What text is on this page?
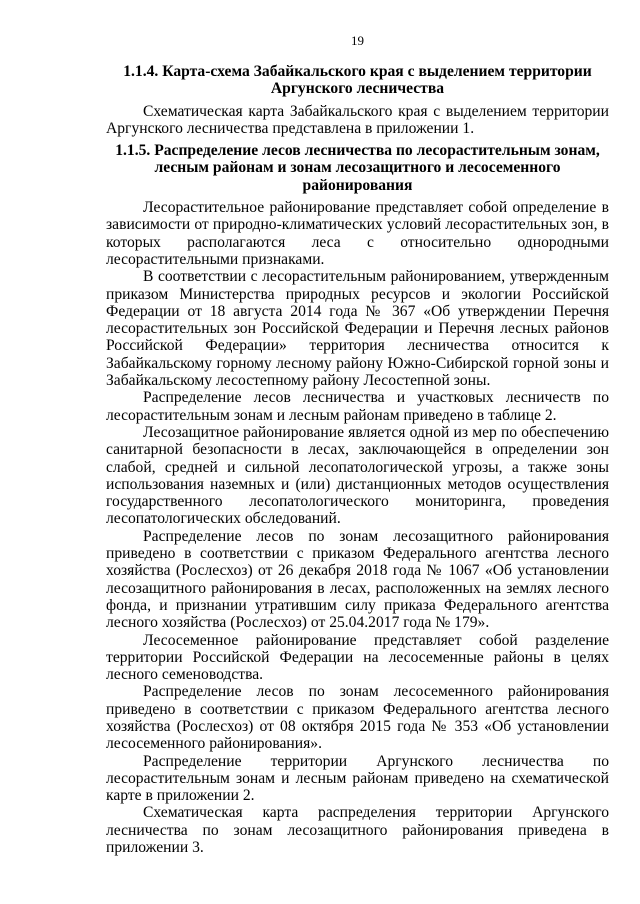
19

1.1.4. Карта-схема Забайкальского края с выделением территории Аргунского лесничества

Схематическая карта Забайкальского края с выделением территории Аргунского лесничества представлена в приложении 1.

1.1.5. Распределение лесов лесничества по лесорастительным зонам, лесным районам и зонам лесозащитного и лесосеменного районирования

Лесорастительное районирование представляет собой определение в зависимости от природно-климатических условий лесорастительных зон, в которых располагаются леса с относительно однородными лесорастительными признаками.

В соответствии с лесорастительным районированием, утвержденным приказом Министерства природных ресурсов и экологии Российской Федерации от 18 августа 2014 года № 367 «Об утверждении Перечня лесорастительных зон Российской Федерации и Перечня лесных районов Российской Федерации» территория лесничества относится к Забайкальскому горному лесному району Южно-Сибирской горной зоны и Забайкальскому лесостепному району Лесостепной зоны.

Распределение лесов лесничества и участковых лесничеств по лесорастительным зонам и лесным районам приведено в таблице 2.

Лесозащитное районирование является одной из мер по обеспечению санитарной безопасности в лесах, заключающейся в определении зон слабой, средней и сильной лесопатологической угрозы, а также зоны использования наземных и (или) дистанционных методов осуществления государственного лесопатологического мониторинга, проведения лесопатологических обследований.

Распределение лесов по зонам лесозащитного районирования приведено в соответствии с приказом Федерального агентства лесного хозяйства (Рослесхоз) от 26 декабря 2018 года № 1067 «Об установлении лесозащитного районирования в лесах, расположенных на землях лесного фонда, и признании утратившим силу приказа Федерального агентства лесного хозяйства (Рослесхоз) от 25.04.2017 года № 179».

Лесосеменное районирование представляет собой разделение территории Российской Федерации на лесосеменные районы в целях лесного семеноводства.

Распределение лесов по зонам лесосеменного районирования приведено в соответствии с приказом Федерального агентства лесного хозяйства (Рослесхоз) от 08 октября 2015 года № 353 «Об установлении лесосеменного районирования».

Распределение территории Аргунского лесничества по лесорастительным зонам и лесным районам приведено на схематической карте в приложении 2.

Схематическая карта распределения территории Аргунского лесничества по зонам лесозащитного районирования приведена в приложении 3.
